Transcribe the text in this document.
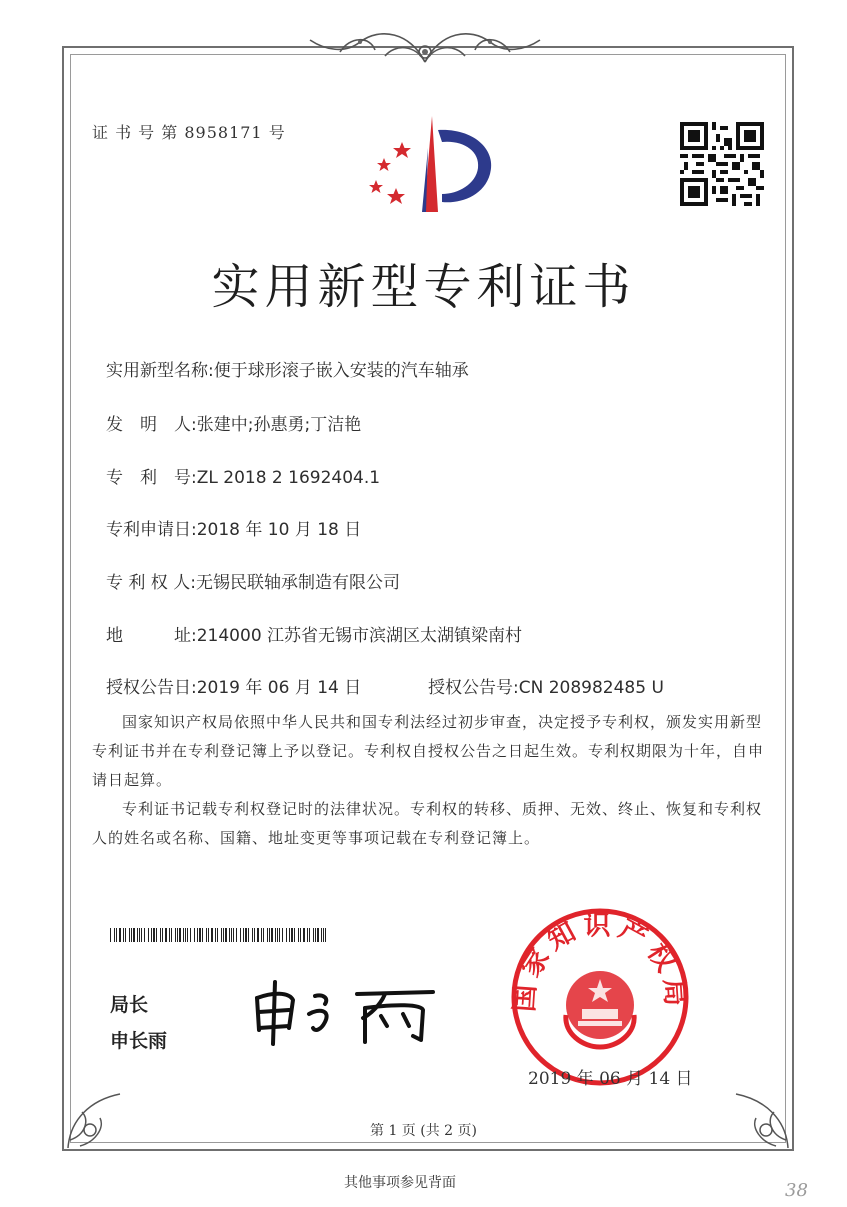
证 书 号 第 8958171 号
实用新型专利证书
实用新型名称:便于球形滚子嵌入安装的汽车轴承
发　明　人:张建中;孙惠勇;丁洁艳
专　利　号:ZL 2018 2 1692404.1
专利申请日:2018 年 10 月 18 日
专 利 权 人:无锡民联轴承制造有限公司
地　　　址:214000 江苏省无锡市滨湖区太湖镇梁南村
授权公告日:2019 年 06 月 14 日	授权公告号:CN 208982485 U

国家知识产权局依照中华人民共和国专利法经过初步审查，决定授予专利权，颁发实用新型专利证书并在专利登记簿上予以登记。专利权自授权公告之日起生效。专利权期限为十年，自申请日起算。

专利证书记载专利权登记时的法律状况。专利权的转移、质押、无效、终止、恢复和专利权人的姓名或名称、国籍、地址变更等事项记载在专利登记簿上。

局长
申长雨
国家知识产权局
2019 年 06 月 14 日
第 1 页 (共 2 页)
其他事项参见背面	38
